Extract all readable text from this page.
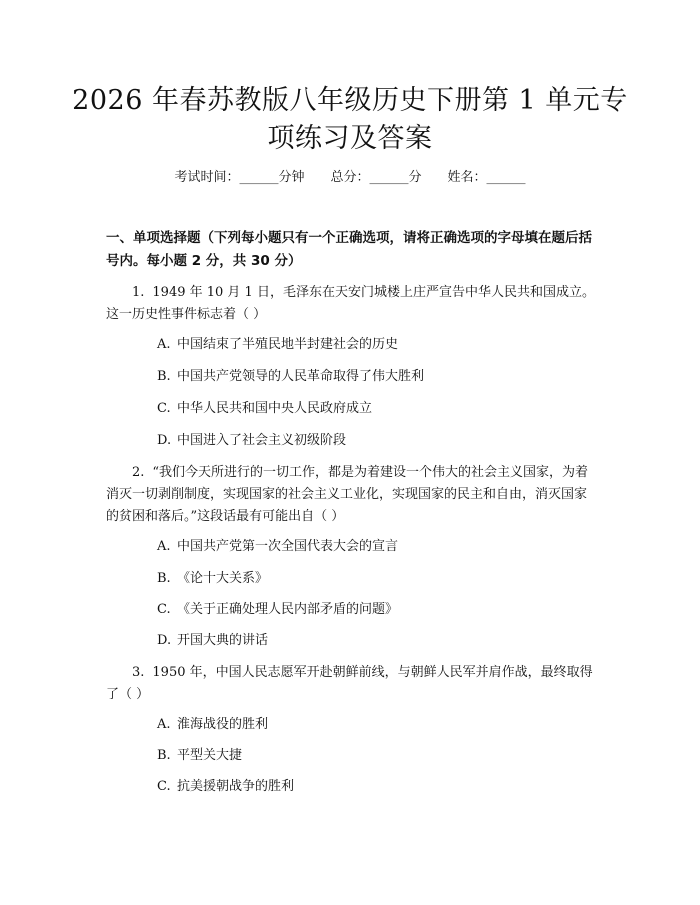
2026 年春苏教版八年级历史下册第 1 单元专项练习及答案
考试时间：______分钟 总分：______分 姓名：______
一、单项选择题（下列每小题只有一个正确选项，请将正确选项的字母填在题后括号内。每小题 2 分，共 30 分）

1. 1949 年 10 月 1 日，毛泽东在天安门城楼上庄严宣告中华人民共和国成立。这一历史性事件标志着（ ）

A. 中国结束了半殖民地半封建社会的历史

B. 中国共产党领导的人民革命取得了伟大胜利

C. 中华人民共和国中央人民政府成立

D. 中国进入了社会主义初级阶段

2. “我们今天所进行的一切工作，都是为着建设一个伟大的社会主义国家，为着消灭一切剥削制度，实现国家的社会主义工业化，实现国家的民主和自由，消灭国家的贫困和落后。”这段话最有可能出自（ ）

A. 中国共产党第一次全国代表大会的宣言

B. 《论十大关系》

C. 《关于正确处理人民内部矛盾的问题》

D. 开国大典的讲话

3. 1950 年，中国人民志愿军开赴朝鲜前线，与朝鲜人民军并肩作战，最终取得了（ ）

A. 淮海战役的胜利

B. 平型关大捷

C. 抗美援朝战争的胜利
